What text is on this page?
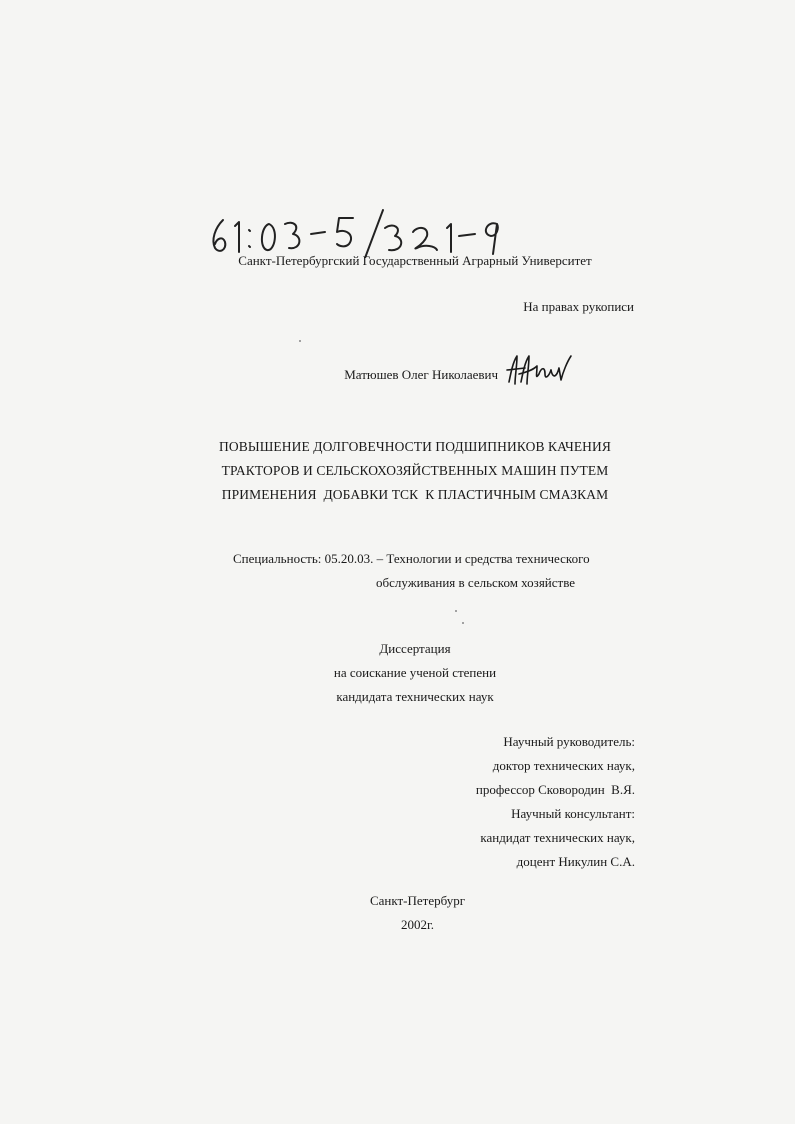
Санкт-Петербургский Государственный Аграрный Университет
На правах рукописи
Матюшев Олег Николаевич
ПОВЫШЕНИЕ ДОЛГОВЕЧНОСТИ ПОДШИПНИКОВ КАЧЕНИЯ
ТРАКТОРОВ И СЕЛЬСКОХОЗЯЙСТВЕННЫХ МАШИН ПУТЕМ
ПРИМЕНЕНИЯ  ДОБАВКИ ТСК  К ПЛАСТИЧНЫМ СМАЗКАМ
Специальность: 05.20.03. – Технологии и средства технического
обслуживания в сельском хозяйстве
Диссертация
на соискание ученой степени
кандидата технических наук
Научный руководитель:
доктор технических наук,
профессор Сковородин  В.Я.
Научный консультант:
кандидат технических наук,
доцент Никулин С.А.
Санкт-Петербург
2002г.
